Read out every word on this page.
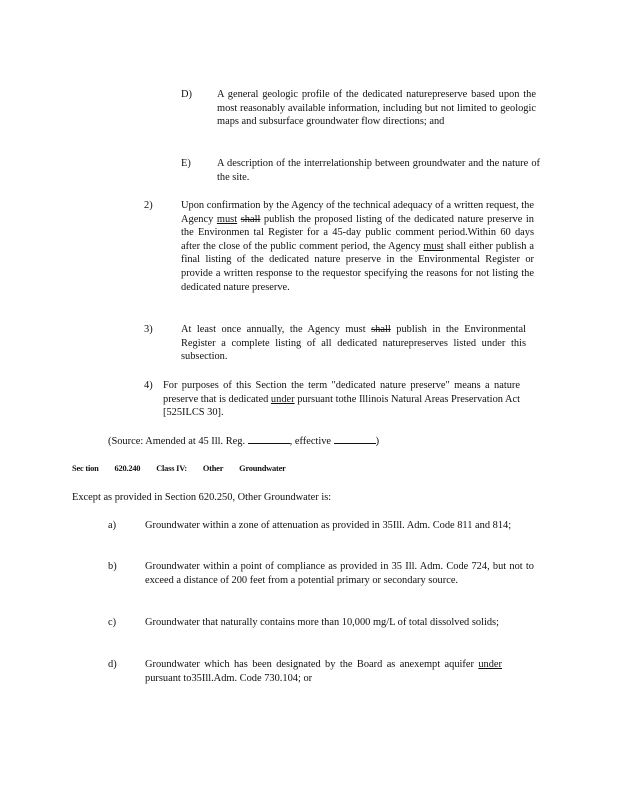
D) A general geologic profile of the dedicated naturepreserve based upon the most reasonably available information, including but not limited to geologic maps and subsurface groundwater flow directions; and
E)	A description of the interrelationship between groundwater and the nature of the site.
2)	Upon confirmation by the Agency of the technical adequacy of a written request, the Agency must shall publish the proposed listing of the dedicated nature preserve in the Environmen tal Register for a 45-day public comment period.Within 60 days after the close of the public comment period, the Agency must shall either publish a final listing of the dedicated nature preserve in the Environmental Register or provide a written response to the requestor specifying the reasons for not listing the dedicated nature preserve.
3)	At least once annually, the Agency must shall publish in the Environmental Register a complete listing of all dedicated naturepreserves listed under this subsection.
4) For purposes of this Section the term "dedicated nature preserve" means a nature preserve that is dedicated under pursuant tothe Illinois Natural Areas Preservation Act [525ILCS 30].
(Source: Amended at 45 Ill. Reg.	, effective	)
Sec tion 620.240 Class IV: Other Groundwater
Except as provided in Section 620.250, Other Groundwater is:
a)	Groundwater within a zone of attenuation as provided in 35Ill. Adm. Code 811 and 814;
b)	Groundwater within a point of compliance as provided in 35 Ill. Adm. Code 724, but not to exceed a distance of 200 feet from a potential primary or secondary source.
c)	Groundwater that naturally contains more than 10,000 mg/L of total dissolved solids;
d)	Groundwater which has been designated by the Board as anexempt aquifer under pursuant to35Ill.Adm. Code 730.104; or
